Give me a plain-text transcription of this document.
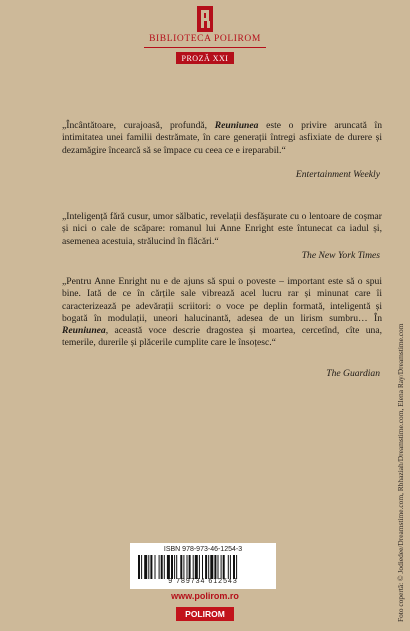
BIBLIOTECA POLIROM
PROZĂ XXI

„Încântătoare, curajoasă, profundă, Reuniunea este o privire aruncată în intimitatea unei familii destrămate, în care generații întregi asfixiate de durere și dezamăgire încearcă să se împace cu ceea ce e ireparabil.“

Entertainment Weekly

„Inteligență fără cusur, umor sălbatic, revelații desfășurate cu o lentoare de coșmar și nici o cale de scăpare: romanul lui Anne Enright este întunecat ca iadul și, asemenea acestuia, strălucind în flăcări.“

The New York Times

„Pentru Anne Enright nu e de ajuns să spui o poveste – important este să o spui bine. Iată de ce în cărțile sale vibrează acel lucru rar și minunat care îi caracterizează pe adevărații scriitori: o voce pe deplin formată, inteligentă și bogată în modulații, uneori halucinantă, adesea de un lirism sumbru… În Reuniunea, această voce descrie dragostea și moartea, cercetînd, cîte una, temerile, durerile și plăcerile cumplite care le însoțesc.“

The Guardian
ISBN 978-973-46-1254-3
9 789734 612543
www.polirom.ro
POLIROM	Foto copertă: © Jodiedee/Dreamstime.com, Rbhaziah/Dreamstime.com, Elena Ray/Dreamstime.com
